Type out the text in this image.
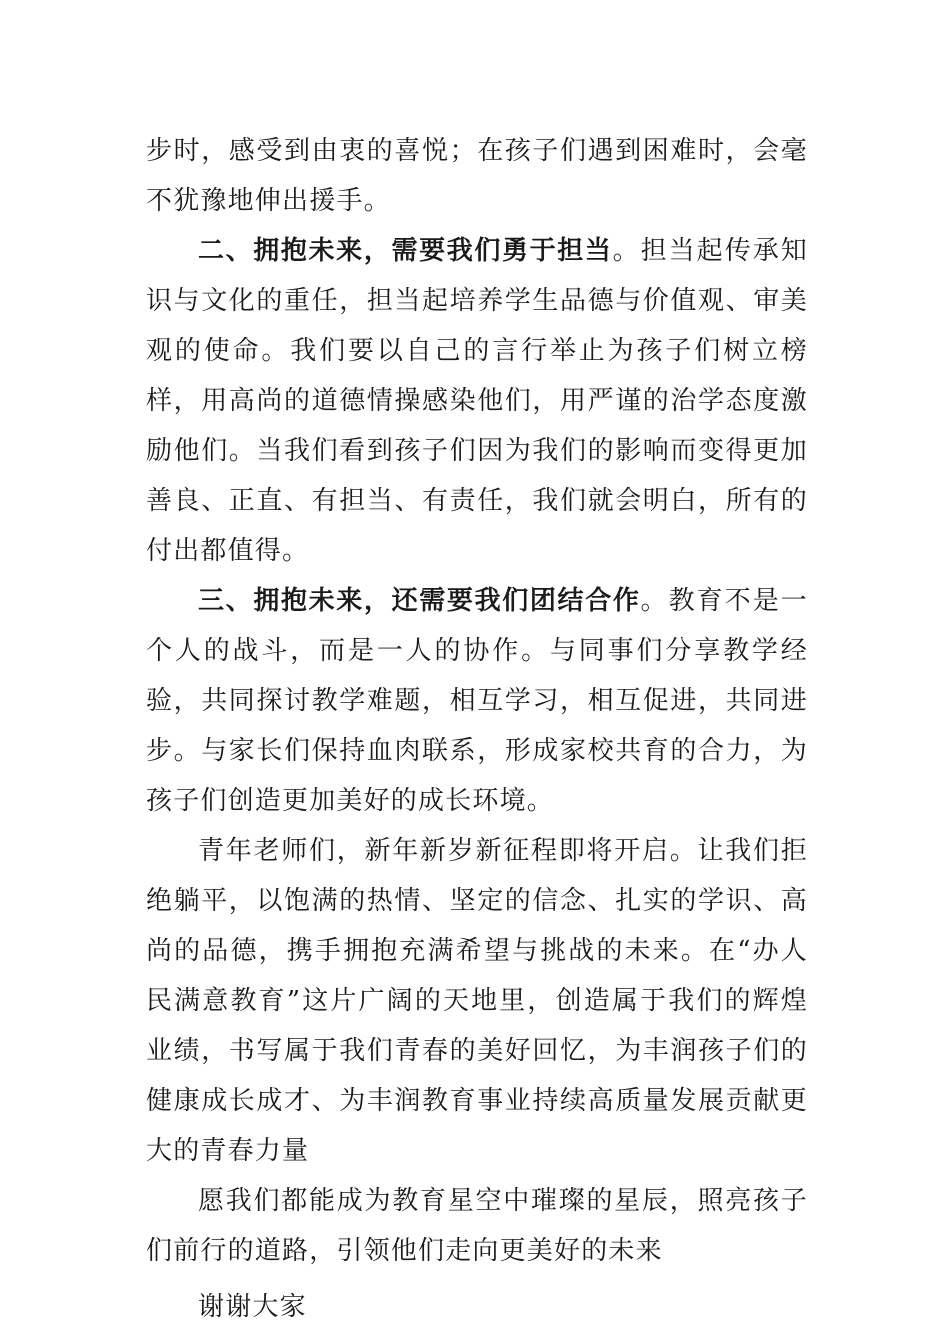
步时，感受到由衷的喜悦；在孩子们遇到困难时，会毫不犹豫地伸出援手。

二、拥抱未来，需要我们勇于担当。担当起传承知识与文化的重任，担当起培养学生品德与价值观、审美观的使命。我们要以自己的言行举止为孩子们树立榜样，用高尚的道德情操感染他们，用严谨的治学态度激励他们。当我们看到孩子们因为我们的影响而变得更加善良、正直、有担当、有责任，我们就会明白，所有的付出都值得。

三、拥抱未来，还需要我们团结合作。教育不是一个人的战斗，而是一人的协作。与同事们分享教学经验，共同探讨教学难题，相互学习，相互促进，共同进步。与家长们保持血肉联系，形成家校共育的合力，为孩子们创造更加美好的成长环境。

青年老师们，新年新岁新征程即将开启。让我们拒绝躺平，以饱满的热情、坚定的信念、扎实的学识、高尚的品德，携手拥抱充满希望与挑战的未来。在“办人民满意教育”这片广阔的天地里，创造属于我们的辉煌业绩，书写属于我们青春的美好回忆，为丰润孩子们的健康成长成才、为丰润教育事业持续高质量发展贡献更大的青春力量

愿我们都能成为教育星空中璀璨的星辰，照亮孩子们前行的道路，引领他们走向更美好的未来

谢谢大家
